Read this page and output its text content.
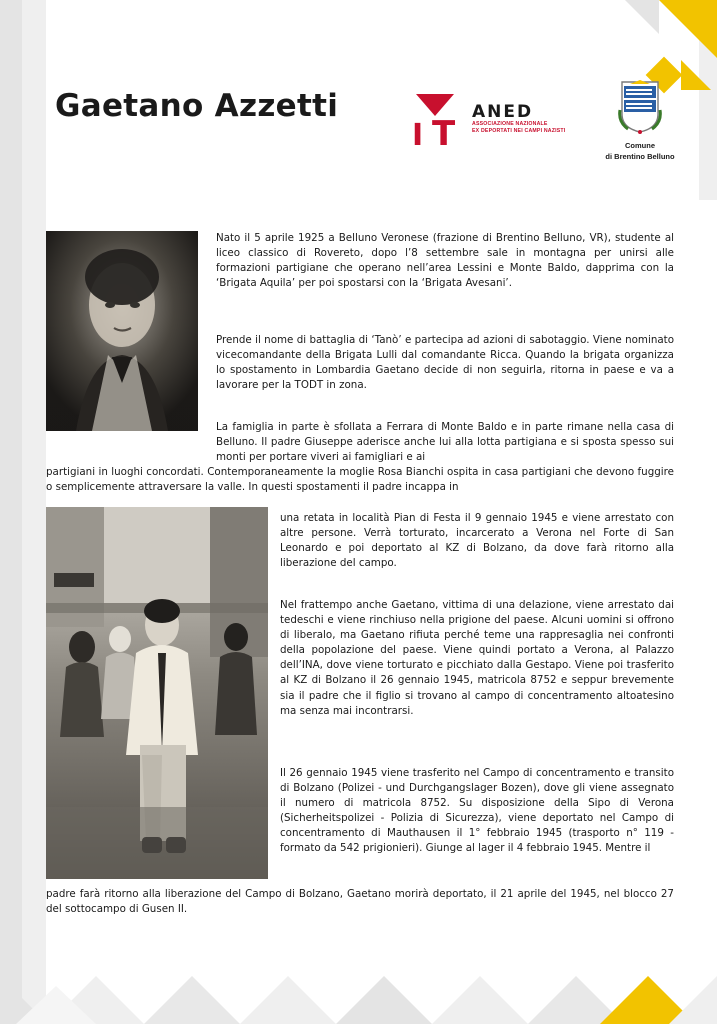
Gaetano Azzetti
I T
ANED
ASSOCIAZIONE NAZIONALE
EX DEPORTATI NEI CAMPI NAZISTI
Comune
di Brentino Belluno
Nato il 5 aprile 1925 a Belluno Veronese (frazione di Brentino Belluno, VR), studente al liceo classico di Rovereto, dopo l’8 settembre sale in montagna per unirsi alle formazioni partigiane che operano nell’area Lessini e Monte Baldo, dapprima con la ‘Brigata Aquila’ per poi spostarsi con la ‘Brigata Avesani’.
Prende il nome di battaglia di ‘Tanò’ e partecipa ad azioni di sabotaggio. Viene nominato vicecomandante della Brigata Lulli dal comandante Ricca. Quando la brigata organizza lo spostamento in Lombardia Gaetano decide di non seguirla, ritorna in paese e va a lavorare per la TODT in zona.
La famiglia in parte è sfollata a Ferrara di Monte Baldo e in parte rimane nella casa di Belluno. Il padre Giuseppe aderisce anche lui alla lotta partigiana e si sposta spesso sui monti per portare viveri ai famigliari e ai
partigiani in luoghi concordati. Contemporaneamente la moglie Rosa Bianchi ospita in casa partigiani che devono fuggire o semplicemente attraversare la valle. In questi spostamenti il padre incappa in
una retata in località Pian di Festa il 9 gennaio 1945 e viene arrestato con altre persone. Verrà torturato, incarcerato a Verona nel Forte di San Leonardo e poi deportato al KZ di Bolzano, da dove farà ritorno alla liberazione del campo.
Nel frattempo anche Gaetano, vittima di una delazione, viene arrestato dai tedeschi e viene rinchiuso nella prigione del paese. Alcuni uomini si offrono di liberalo, ma Gaetano rifiuta perché teme una rappresaglia nei confronti della popolazione del paese. Viene quindi portato a Verona, al Palazzo dell’INA, dove viene torturato e picchiato dalla Gestapo. Viene poi trasferito al KZ di Bolzano il 26 gennaio 1945, matricola 8752 e seppur brevemente sia il padre che il figlio si trovano al campo di concentramento altoatesino ma senza mai incontrarsi.
Il 26 gennaio 1945 viene trasferito nel Campo di concentramento e transito di Bolzano (Polizei - und Durchgangslager Bozen), dove gli viene assegnato il numero di matricola 8752. Su disposizione della Sipo di Verona (Sicherheitspolizei - Polizia di Sicurezza), viene deportato nel Campo di concentramento di Mauthausen il 1° febbraio 1945 (trasporto n° 119 - formato da 542 prigionieri). Giunge al lager il 4 febbraio 1945. Mentre il
padre farà ritorno alla liberazione del Campo di Bolzano, Gaetano morirà deportato, il 21 aprile del 1945, nel blocco 27 del sottocampo di Gusen II.
